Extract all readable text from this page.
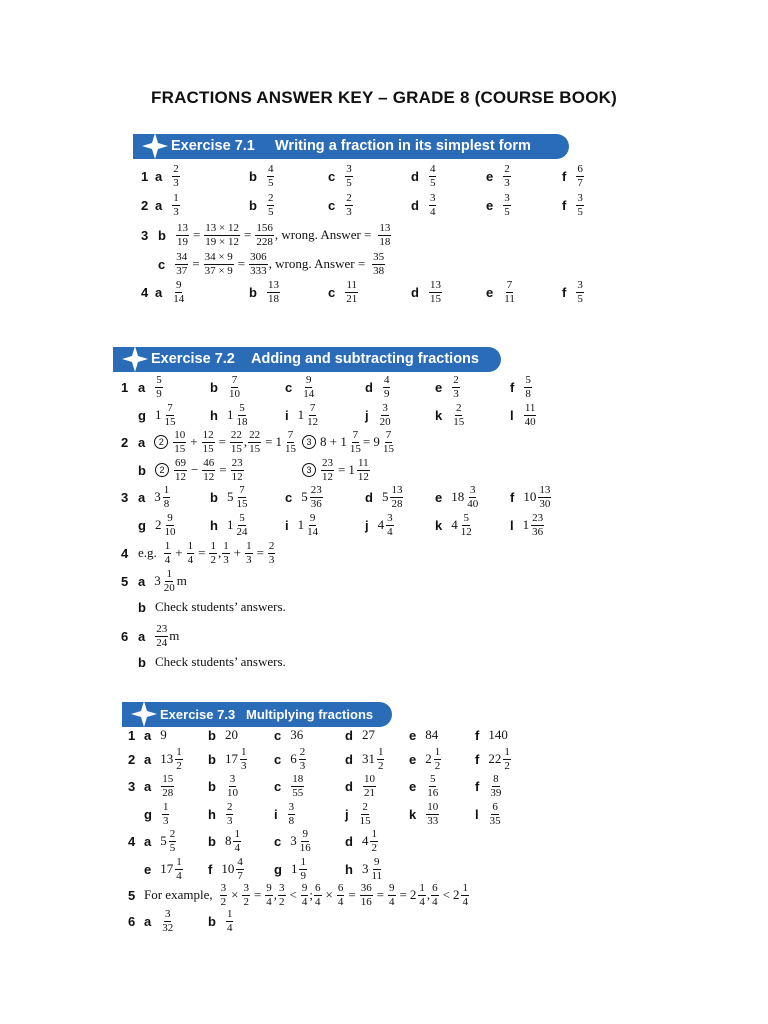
FRACTIONS ANSWER KEY – GRADE 8 (COURSE BOOK)
Exercise 7.1 Writing a fraction in its simplest form
1 a $\frac{2}{3}$	b $\frac{4}{5}$	c $\frac{3}{5}$	d $\frac{4}{5}$	e $\frac{2}{3}$	f $\frac{6}{7}$
2 a $\frac{1}{3}$	b $\frac{2}{5}$	c $\frac{2}{3}$	d $\frac{3}{4}$	e $\frac{3}{5}$	f $\frac{3}{5}$
b $\frac{13}{19} = \frac{13 \times 12}{19 \times 12} = \frac{156}{228}$ , wrong. Answer = $\frac{13}{18}$
3
c $\frac{34}{37} = \frac{34 \times 9}{37 \times 9} = \frac{306}{333}$ , wrong. Answer = $\frac{35}{38}$
4 a $\frac{9}{14}$	b $\frac{13}{18}$	c $\frac{11}{21}$	d $\frac{13}{15}$	e $\frac{7}{11}$	f $\frac{3}{5}$
1 a $\frac{5}{9}$	b $\frac{7}{10}$	c $\frac{9}{14}$	d $\frac{4}{9}$	e $\frac{2}{3}$	f $\frac{5}{8}$
g $1 \frac{7}{15}$	h $1 \frac{5}{18}$	i $1 \frac{7}{12}$	j $\frac{3}{20}$	k $\frac{2}{15}$	l $\frac{11}{40}$
2 a	$2 \frac{10}{15} + \frac{12}{15} = \frac{22}{15}$ , $\frac{22}{15} = 1 \frac{7}{15}$	3 $8 + 1 \frac{7}{15} = 9 \frac{7}{15}$
b	$2 \frac{69}{12} - \frac{46}{12} = \frac{23}{12}$	$3 \frac{23}{12} = 1 \frac{11}{12}$
3 a $3 \frac{1}{8}$	b $5 \frac{7}{15}$	c $5 \frac{23}{36}$	d $5 \frac{13}{28}$ e $18 \frac{3}{40}$ f $10 \frac{13}{30}$
g $2 \frac{9}{10}$	h $1 \frac{5}{24}$	i $1 \frac{9}{14}$	j $4 \frac{3}{4}$	k $4 \frac{5}{12}$	l $1 \frac{23}{36}$
4 e.g. $\frac{1}{4} + \frac{1}{4} = \frac{1}{2}$ , $\frac{1}{3} + \frac{1}{3} = \frac{2}{3}$
5 a $3 \frac{1}{20}$ m
b Check students’ answers.
6 a $\frac{23}{24}$ m
b Check students’ answers.
1 a 9	b 20	c 36	d 27	e 84	f 140
2 a $13 \frac{1}{2}$ b $17 \frac{1}{3}$ c $6 \frac{2}{3}$	d $31 \frac{1}{2}$ e $2 \frac{1}{2}$	f $22 \frac{1}{2}$
3 a $\frac{15}{28}$	b $\frac{3}{10}$	c $\frac{18}{55}$	d $\frac{10}{21}$	e $\frac{5}{16}$	f $\frac{8}{39}$
g $\frac{1}{3}$	h $\frac{2}{3}$	i $\frac{3}{8}$	j $\frac{2}{15}$	k $\frac{10}{33}$	l $\frac{6}{35}$
4 a $5 \frac{2}{5}$ b $8 \frac{1}{4}$	c $3 \frac{9}{16}$	d $4 \frac{1}{2}$
e $17 \frac{1}{4}$ f $10 \frac{4}{7}$ g $1 \frac{1}{9}$	h $3 \frac{9}{11}$
5 For example, $\frac{3}{2} \times \frac{3}{2} = \frac{9}{4}$ , $\frac{3}{2} < \frac{9}{4}$ ; $\frac{6}{4} \times \frac{6}{4} = \frac{36}{16} = \frac{9}{4} = 2 \frac{1}{4}$ , $\frac{6}{4} < 2 \frac{1}{4}$
6 a $\frac{3}{32}$	b $\frac{1}{4}$
Exercise 7.2 Adding and subtracting fractions
Exercise 7.3 Multiplying fractions
